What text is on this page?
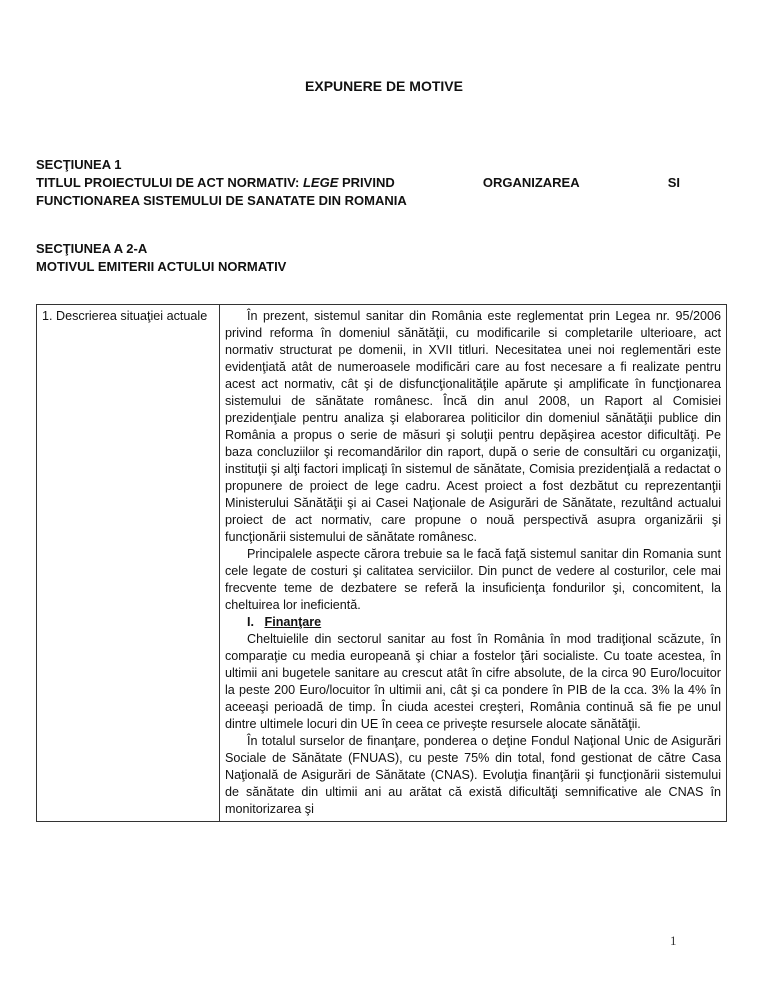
EXPUNERE DE MOTIVE
SECŢIUNEA 1
TITLUL PROIECTULUI DE ACT NORMATIV: LEGE PRIVIND	ORGANIZAREA	SI
FUNCTIONAREA SISTEMULUI DE SANATATE DIN ROMANIA
SECŢIUNEA A 2-A
MOTIVUL EMITERII ACTULUI NORMATIV
1. Descrierea situaţiei actuale	În prezent, sistemul sanitar din România este reglementat prin Legea nr. 95/2006 privind reforma în domeniul sănătăţii, cu modificarile si completarile ulterioare, act normativ structurat pe domenii, in XVII titluri. Necesitatea unei noi reglementări este evidenţiată atât de numeroasele modificări care au fost necesare a fi realizate pentru acest act normativ, cât şi de disfuncţionalităţile apărute şi amplificate în funcţionarea sistemului de sănătate românesc. Încă din anul 2008, un Raport al Comisiei prezidenţiale pentru analiza şi elaborarea politicilor din domeniul sănătăţii publice din România a propus o serie de măsuri şi soluţii pentru depăşirea acestor dificultăţi. Pe baza concluziilor şi recomandărilor din raport, după o serie de consultări cu organizaţii, instituţii şi alţi factori implicaţi în sistemul de sănătate, Comisia prezidenţială a redactat o propunere de proiect de lege cadru. Acest proiect a fost dezbătut cu reprezentanţii Ministerului Sănătăţii şi ai Casei Naţionale de Asigurări de Sănătate, rezultând actualui proiect de act normativ, care propune o nouă perspectivă asupra organizării şi funcţionării sistemului de sănătate românesc.

Principalele aspecte cărora trebuie sa le facă faţă sistemul sanitar din Romania sunt cele legate de costuri şi calitatea serviciilor. Din punct de vedere al costurilor, cele mai frecvente teme de dezbatere se referă la insuficienţa fondurilor şi, concomitent, la cheltuirea lor ineficientă.

I. Finanţare

Cheltuielile din sectorul sanitar au fost în România în mod tradiţional scăzute, în comparaţie cu media europeană şi chiar a fostelor ţări socialiste. Cu toate acestea, în ultimii ani bugetele sanitare au crescut atât în cifre absolute, de la circa 90 Euro/locuitor la peste 200 Euro/locuitor în ultimii ani, cât şi ca pondere în PIB de la cca. 3% la 4% în aceeaşi perioadă de timp. În ciuda acestei creşteri, România continuă să fie pe unul dintre ultimele locuri din UE în ceea ce priveşte resursele alocate sănătăţii.

În totalul surselor de finanţare, ponderea o deţine Fondul Naţional Unic de Asigurări Sociale de Sănătate (FNUAS), cu peste 75% din total, fond gestionat de către Casa Naţională de Asigurări de Sănătate (CNAS). Evoluţia finanţării şi funcţionării sistemului de sănătate din ultimii ani au arătat că există dificultăţi semnificative ale CNAS în monitorizarea şi

1
